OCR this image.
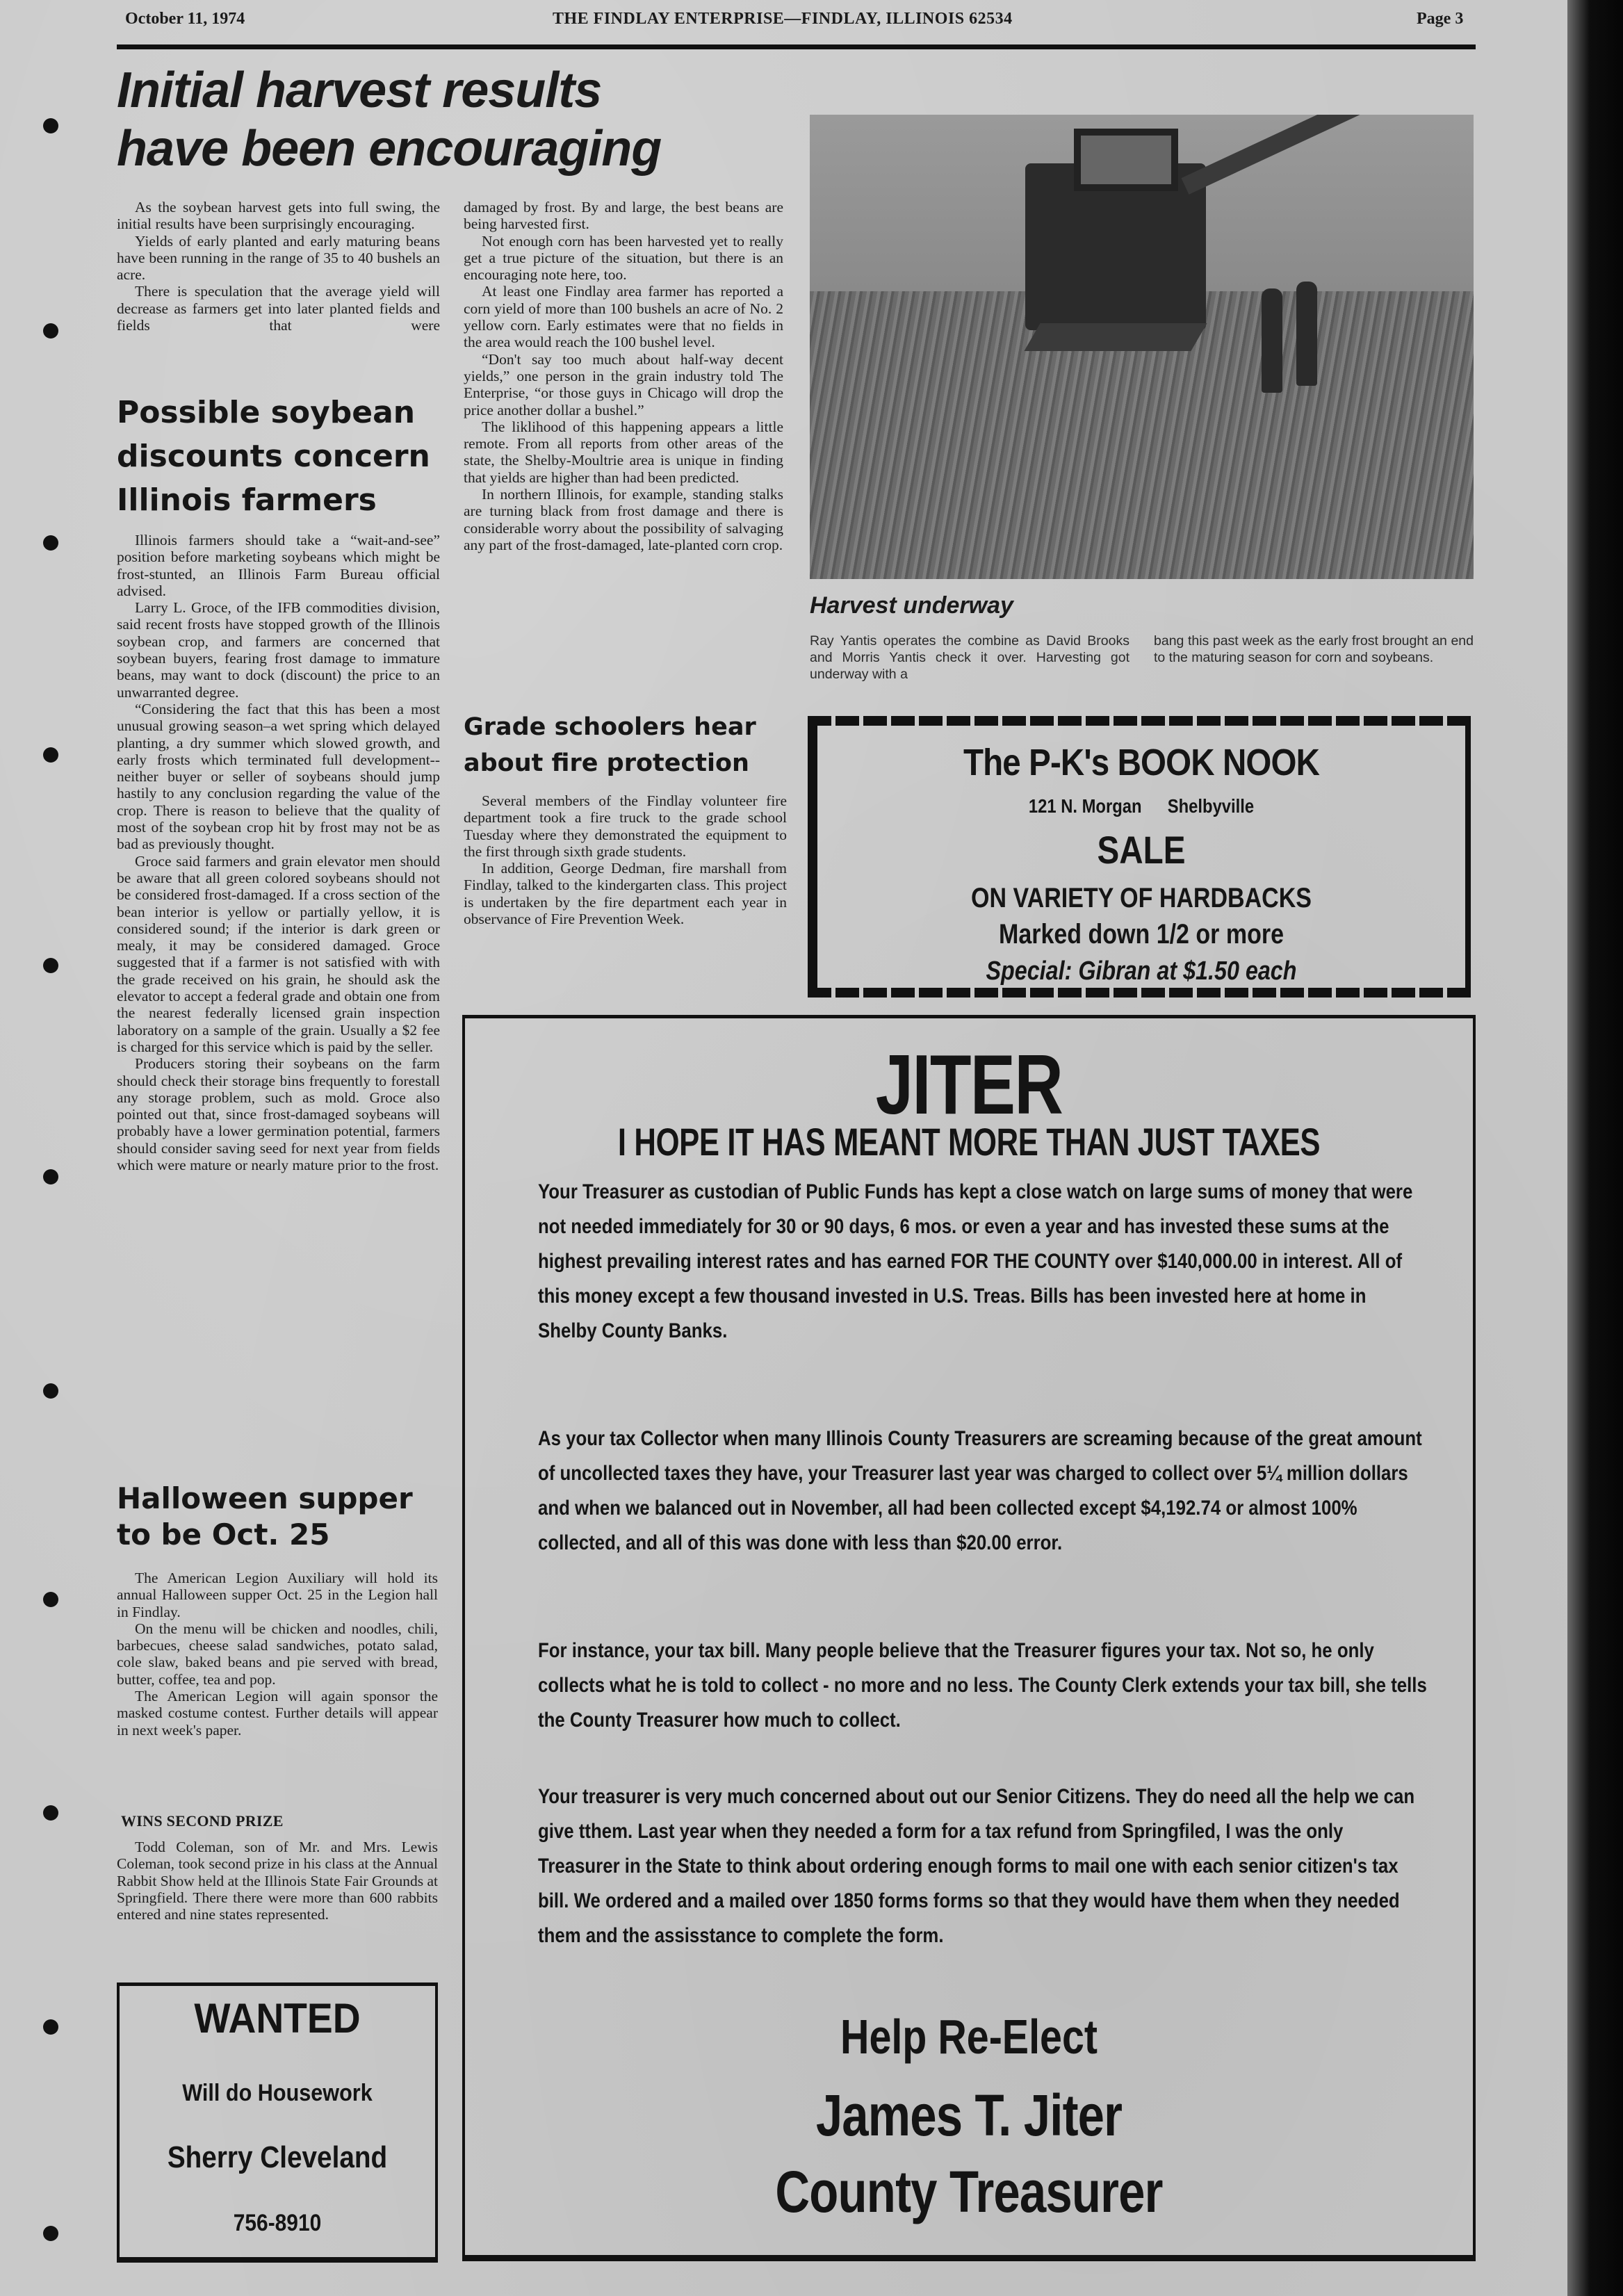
October 11, 1974	THE FINDLAY ENTERPRISE—FINDLAY, ILLINOIS 62534	Page 3
Initial harvest results
have been encouraging

As the soybean harvest gets into full swing, the initial results have been surprisingly encouraging.

Yields of early planted and early maturing beans have been running in the range of 35 to 40 bushels an acre.

There is speculation that the average yield will decrease as farmers get into later planted fields and fields that were

damaged by frost. By and large, the best beans are being harvested first.

Not enough corn has been harvested yet to really get a true picture of the situation, but there is an encouraging note here, too.

At least one Findlay area farmer has reported a corn yield of more than 100 bushels an acre of No. 2 yellow corn. Early estimates were that no fields in the area would reach the 100 bushel level.

“Don't say too much about half-way decent yields,” one person in the grain industry told The Enterprise, “or those guys in Chicago will drop the price another dollar a bushel.”

The liklihood of this happening appears a little remote. From all reports from other areas of the state, the Shelby-Moultrie area is unique in finding that yields are higher than had been predicted.

In northern Illinois, for example, standing stalks are turning black from frost damage and there is considerable worry about the possibility of salvaging any part of the frost-damaged, late-planted corn crop.

Possible soybean
discounts concern
Illinois farmers

Illinois farmers should take a “wait-and-see” position before marketing soybeans which might be frost-stunted, an Illinois Farm Bureau official advised.

Larry L. Groce, of the IFB commodities division, said recent frosts have stopped growth of the Illinois soybean crop, and farmers are concerned that soybean buyers, fearing frost damage to immature beans, may want to dock (discount) the price to an unwarranted degree.

“Considering the fact that this has been a most unusual growing season–a wet spring which delayed planting, a dry summer which slowed growth, and early frosts which terminated full development--neither buyer or seller of soybeans should jump hastily to any conclusion regarding the value of the crop. There is reason to believe that the quality of most of the soybean crop hit by frost may not be as bad as previously thought.

Groce said farmers and grain elevator men should be aware that all green colored soybeans should not be considered frost-damaged. If a cross section of the bean interior is yellow or partially yellow, it is considered sound; if the interior is dark green or mealy, it may be considered damaged. Groce suggested that if a farmer is not satisfied with with the grade received on his grain, he should ask the elevator to accept a federal grade and obtain one from the nearest federally licensed grain inspection laboratory on a sample of the grain. Usually a $2 fee is charged for this service which is paid by the seller.

Producers storing their soybeans on the farm should check their storage bins frequently to forestall any storage problem, such as mold. Groce also pointed out that, since frost-damaged soybeans will probably have a lower germination potential, farmers should consider saving seed for next year from fields which were mature or nearly mature prior to the frost.

Halloween supper
to be Oct. 25

The American Legion Auxiliary will hold its annual Halloween supper Oct. 25 in the Legion hall in Findlay.

On the menu will be chicken and noodles, chili, barbecues, cheese salad sandwiches, potato salad, cole slaw, baked beans and pie served with bread, butter, coffee, tea and pop.

The American Legion will again sponsor the masked costume contest. Further details will appear in next week's paper.

WINS SECOND PRIZE

Todd Coleman, son of Mr. and Mrs. Lewis Coleman, took second prize in his class at the Annual Rabbit Show held at the Illinois State Fair Grounds at Springfield. There there were more than 600 rabbits entered and nine states represented.

Harvest underway
Ray Yantis operates the combine as David Brooks and Morris Yantis check it over. Harvesting got underway with a
bang this past week as the early frost brought an end to the maturing season for corn and soybeans.
Grade schoolers hear
about fire protection

Several members of the Findlay volunteer fire department took a fire truck to the grade school Tuesday where they demonstrated the equipment to the first through sixth grade students.

In addition, George Dedman, fire marshall from Findlay, talked to the kindergarten class. This project is undertaken by the fire department each year in observance of Fire Prevention Week.

The P-K's BOOK NOOK
121 N. Morgan Shelbyville
SALE
ON VARIETY OF HARDBACKS
Marked down 1/2 or more
Special: Gibran at $1.50 each
JITER
I HOPE IT HAS MEANT MORE THAN JUST TAXES
Your Treasurer as custodian of Public Funds has kept a close watch on large sums of money that were not needed immediately for 30 or 90 days, 6 mos. or even a year and has invested these sums at the highest prevailing interest rates and has earned FOR THE COUNTY over $140,000.00 in interest. All of this money except a few thousand invested in U.S. Treas. Bills has been invested here at home in Shelby County Banks.
As your tax Collector when many Illinois County Treasurers are screaming because of the great amount of uncollected taxes they have, your Treasurer last year was charged to collect over 5¼ million dollars and when we balanced out in November, all had been collected except $4,192.74 or almost 100% collected, and all of this was done with less than $20.00 error.
For instance, your tax bill. Many people believe that the Treasurer figures your tax. Not so, he only collects what he is told to collect - no more and no less. The County Clerk extends your tax bill, she tells the County Treasurer how much to collect.
Your treasurer is very much concerned about out our Senior Citizens. They do need all the help we can give tthem. Last year when they needed a form for a tax refund from Springfiled, I was the only Treasurer in the State to think about ordering enough forms to mail one with each senior citizen's tax bill. We ordered and a mailed over 1850 forms forms so that they would have them when they needed them and the assisstance to complete the form.
Help Re-Elect
James T. Jiter
County Treasurer
WANTED
Will do Housework
Sherry Cleveland
756-8910
